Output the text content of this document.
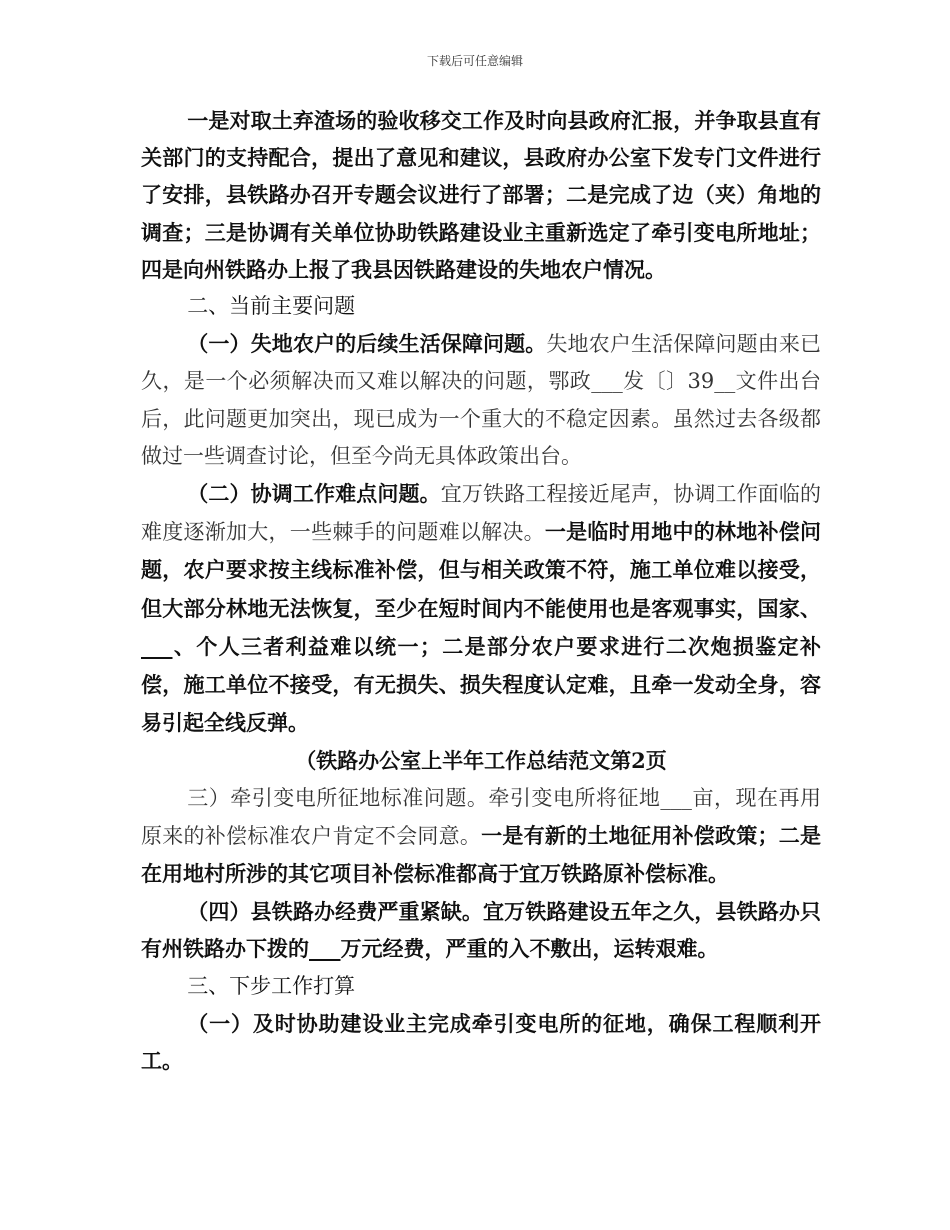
下载后可任意编辑

一是对取土弃渣场的验收移交工作及时向县政府汇报，并争取县直有关部门的支持配合，提出了意见和建议，县政府办公室下发专门文件进行了安排，县铁路办召开专题会议进行了部署；二是完成了边（夹）角地的调查；三是协调有关单位协助铁路建设业主重新选定了牵引变电所地址；四是向州铁路办上报了我县因铁路建设的失地农户情况。

二、当前主要问题

（一）失地农户的后续生活保障问题。失地农户生活保障问题由来已久，是一个必须解决而又难以解决的问题，鄂政___发〔〕39__文件出台后，此问题更加突出，现已成为一个重大的不稳定因素。虽然过去各级都做过一些调查讨论，但至今尚无具体政策出台。

（二）协调工作难点问题。宜万铁路工程接近尾声，协调工作面临的难度逐渐加大，一些棘手的问题难以解决。一是临时用地中的林地补偿问题，农户要求按主线标准补偿，但与相关政策不符，施工单位难以接受，但大部分林地无法恢复，至少在短时间内不能使用也是客观事实，国家、___、个人三者利益难以统一；二是部分农户要求进行二次炮损鉴定补偿，施工单位不接受，有无损失、损失程度认定难，且牵一发动全身，容易引起全线反弹。

（铁路办公室上半年工作总结范文第2页

三）牵引变电所征地标准问题。牵引变电所将征地___亩，现在再用原来的补偿标准农户肯定不会同意。一是有新的土地征用补偿政策；二是在用地村所涉的其它项目补偿标准都高于宜万铁路原补偿标准。

（四）县铁路办经费严重紧缺。宜万铁路建设五年之久，县铁路办只有州铁路办下拨的___万元经费，严重的入不敷出，运转艰难。

三、下步工作打算

（一）及时协助建设业主完成牵引变电所的征地，确保工程顺利开工。
